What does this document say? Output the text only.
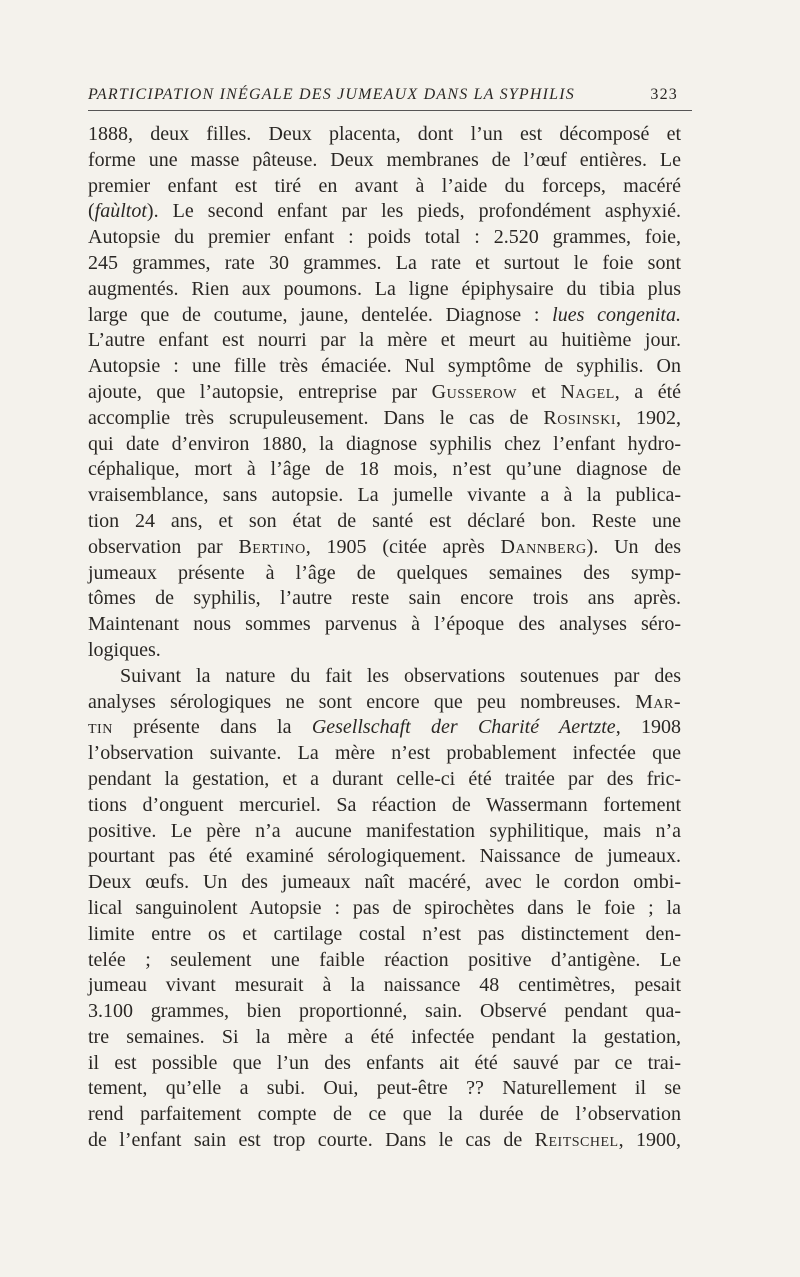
PARTICIPATION INÉGALE DES JUMEAUX DANS LA SYPHILIS	323
1888, deux filles. Deux placenta, dont l’un est décomposé et
forme une masse pâteuse. Deux membranes de l’œuf entières. Le
premier enfant est tiré en avant à l’aide du forceps, macéré
(faùltot). Le second enfant par les pieds, profondément asphyxié.
Autopsie du premier enfant : poids total : 2.520 grammes, foie,
245 grammes, rate 30 grammes. La rate et surtout le foie sont
augmentés. Rien aux poumons. La ligne épiphysaire du tibia plus
large que de coutume, jaune, dentelée. Diagnose : lues congenita.
L’autre enfant est nourri par la mère et meurt au huitième jour.
Autopsie : une fille très émaciée. Nul symptôme de syphilis. On
ajoute, que l’autopsie, entreprise par Gusserow et Nagel, a été
accomplie très scrupuleusement. Dans le cas de Rosinski, 1902,
qui date d’environ 1880, la diagnose syphilis chez l’enfant hydro-
céphalique, mort à l’âge de 18 mois, n’est qu’une diagnose de
vraisemblance, sans autopsie. La jumelle vivante a à la publica-
tion 24 ans, et son état de santé est déclaré bon. Reste une
observation par Bertino, 1905 (citée après Dannberg). Un des
jumeaux présente à l’âge de quelques semaines des symp-
tômes de syphilis, l’autre reste sain encore trois ans après.
Maintenant nous sommes parvenus à l’époque des analyses séro-
logiques.
Suivant la nature du fait les observations soutenues par des
analyses sérologiques ne sont encore que peu nombreuses. Mar-
tin présente dans la Gesellschaft der Charité Aertzte, 1908
l’observation suivante. La mère n’est probablement infectée que
pendant la gestation, et a durant celle-ci été traitée par des fric-
tions d’onguent mercuriel. Sa réaction de Wassermann fortement
positive. Le père n’a aucune manifestation syphilitique, mais n’a
pourtant pas été examiné sérologiquement. Naissance de jumeaux.
Deux œufs. Un des jumeaux naît macéré, avec le cordon ombi-
lical sanguinolent Autopsie : pas de spirochètes dans le foie ; la
limite entre os et cartilage costal n’est pas distinctement den-
telée ; seulement une faible réaction positive d’antigène. Le
jumeau vivant mesurait à la naissance 48 centimètres, pesait
3.100 grammes, bien proportionné, sain. Observé pendant qua-
tre semaines. Si la mère a été infectée pendant la gestation,
il est possible que l’un des enfants ait été sauvé par ce trai-
tement, qu’elle a subi. Oui, peut-être ?? Naturellement il se
rend parfaitement compte de ce que la durée de l’observation
de l’enfant sain est trop courte. Dans le cas de Reitschel, 1900,
